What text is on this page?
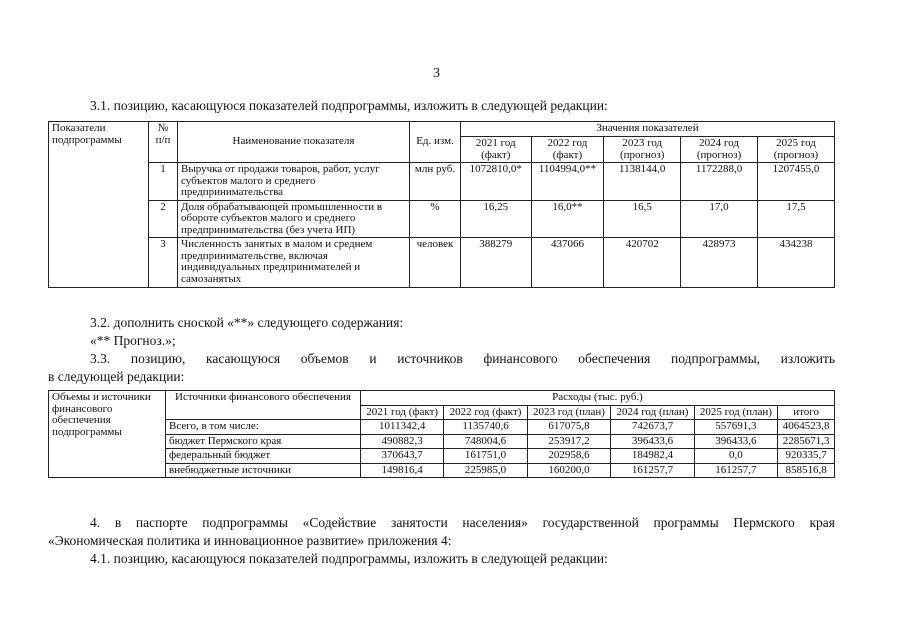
3
3.1. позицию, касающуюся показателей подпрограммы, изложить в следующей редакции:
Показатели подпрограммы	№ п/п	Наименование показателя	Ед. изм.	Значения показателей				
				2021 год (факт)	2022 год (факт)	2023 год (прогноз)	2024 год (прогноз)	2025 год (прогноз)
	1	Выручка от продажи товаров, работ, услуг субъектов малого и среднего предпринимательства	млн руб.	1072810,0*	1104994,0**	1138144,0	1172288,0	1207455,0
	2	Доля обрабатывающей промышленности в обороте субъектов малого и среднего предпринимательства (без учета ИП)	%	16,25	16,0**	16,5	17,0	17,5
	3	Численность занятых в малом и среднем предпринимательстве, включая индивидуальных предпринимателей и самозанятых	человек	388279	437066	420702	428973	434238
3.2. дополнить сноской «**» следующего содержания:
«** Прогноз.»;
3.3. позицию, касающуюся объемов и источников финансового обеспечения подпрограммы, изложить
в следующей редакции:
Объемы и источники финансового обеспечения подпрограммы	Источники финансового обеспечения	Расходы (тыс. руб.)					
		2021 год (факт)	2022 год (факт)	2023 год (план)	2024 год (план)	2025 год (план)	итого
	Всего, в том числе:	1011342,4	1135740,6	617075,8	742673,7	557691,3	4064523,8
	бюджет Пермского края	490882,3	748004,6	253917,2	396433,6	396433,6	2285671,3
	федеральный бюджет	370643,7	161751,0	202958,6	184982,4	0,0	920335,7
	внебюджетные источники	149816,4	225985,0	160200,0	161257,7	161257,7	858516,8
4. в паспорте подпрограммы «Содействие занятости населения» государственной программы Пермского края
«Экономическая политика и инновационное развитие» приложения 4:
4.1. позицию, касающуюся показателей подпрограммы, изложить в следующей редакции:
